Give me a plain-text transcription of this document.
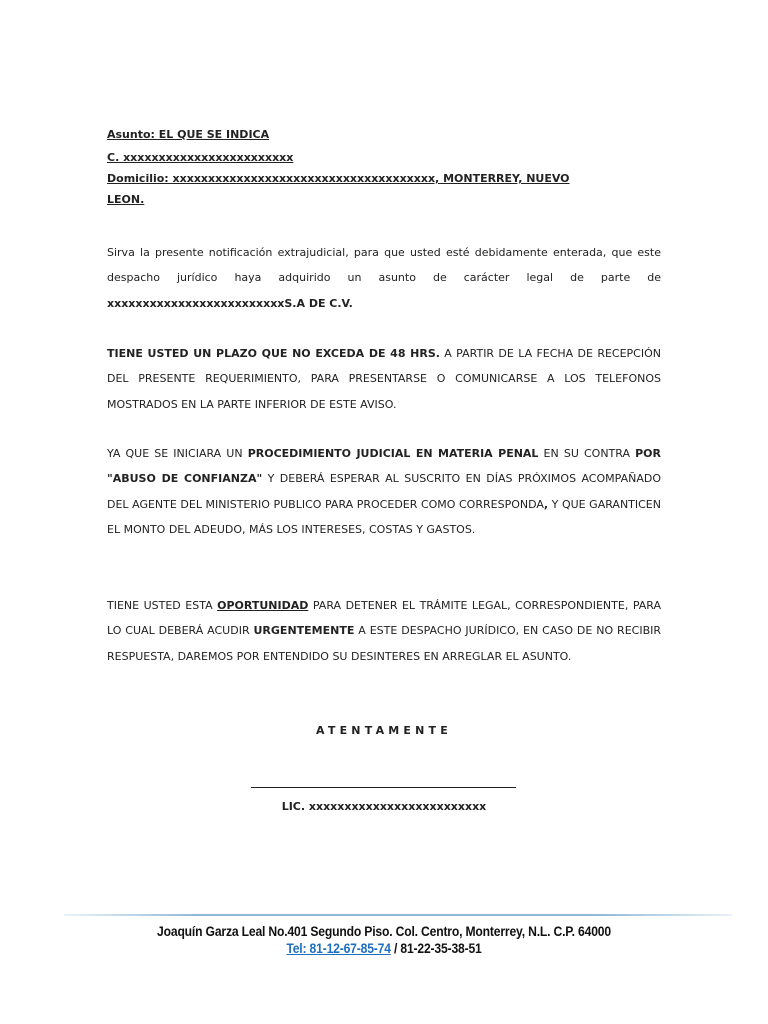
Asunto: EL QUE SE INDICA
C. xxxxxxxxxxxxxxxxxxxxxxxx
Domicilio: xxxxxxxxxxxxxxxxxxxxxxxxxxxxxxxxxxxxx, MONTERREY, NUEVO
LEON.

Sirva la presente notificación extrajudicial, para que usted esté debidamente enterada, que este despacho jurídico haya adquirido un asunto de carácter legal de parte de xxxxxxxxxxxxxxxxxxxxxxxxxS.A DE C.V.

TIENE USTED UN PLAZO QUE NO EXCEDA DE 48 HRS. A PARTIR DE LA FECHA DE RECEPCIÓN DEL PRESENTE REQUERIMIENTO, PARA PRESENTARSE O COMUNICARSE A LOS TELEFONOS MOSTRADOS EN LA PARTE INFERIOR DE ESTE AVISO.

YA QUE SE INICIARA UN PROCEDIMIENTO JUDICIAL EN MATERIA PENAL EN SU CONTRA POR "ABUSO DE CONFIANZA" Y DEBERÁ ESPERAR AL SUSCRITO EN DÍAS PRÓXIMOS ACOMPAÑADO DEL AGENTE DEL MINISTERIO PUBLICO PARA PROCEDER COMO CORRESPONDA, Y QUE GARANTICEN EL MONTO DEL ADEUDO, MÁS LOS INTERESES, COSTAS Y GASTOS.

TIENE USTED ESTA OPORTUNIDAD PARA DETENER EL TRÁMITE LEGAL, CORRESPONDIENTE, PARA LO CUAL DEBERÁ ACUDIR URGENTEMENTE A ESTE DESPACHO JURÍDICO, EN CASO DE NO RECIBIR RESPUESTA, DAREMOS POR ENTENDIDO SU DESINTERES EN ARREGLAR EL ASUNTO.

ATENTAMENTE
LIC. xxxxxxxxxxxxxxxxxxxxxxxxx
Joaquín Garza Leal No.401 Segundo Piso. Col. Centro, Monterrey, N.L. C.P. 64000
Tel: 81-12-67-85-74 / 81-22-35-38-51
